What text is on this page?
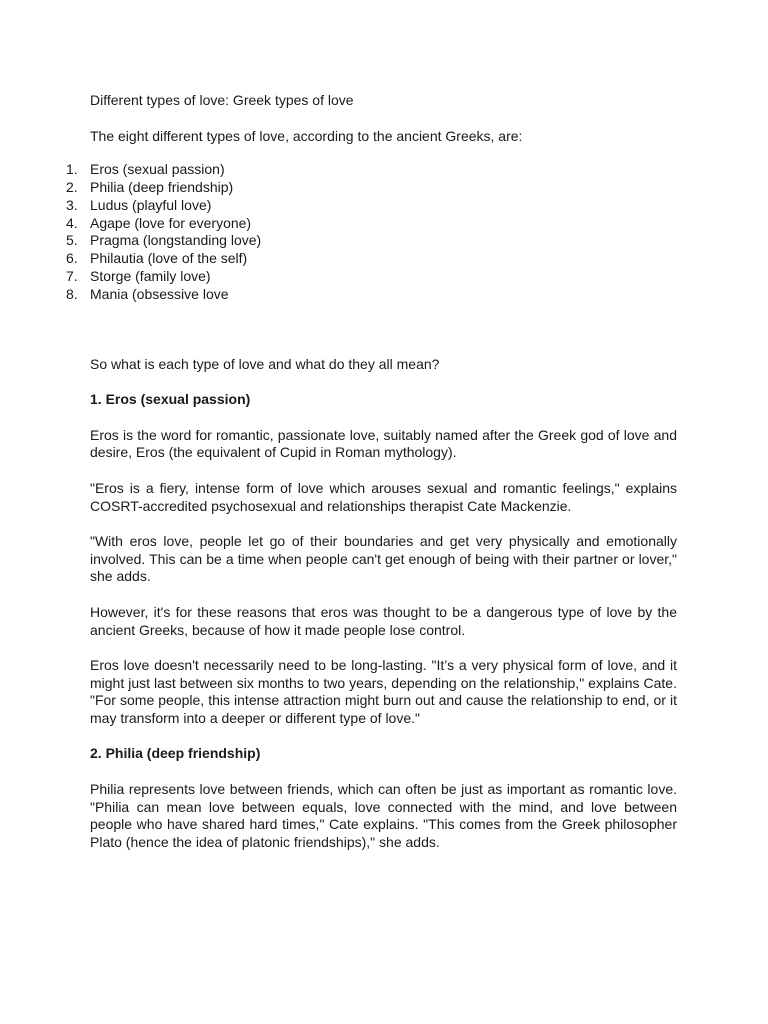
Different types of love: Greek types of love

The eight different types of love, according to the ancient Greeks, are:

1. Eros (sexual passion)
2. Philia (deep friendship)
3. Ludus (playful love)
4. Agape (love for everyone)
5. Pragma (longstanding love)
6. Philautia (love of the self)
7. Storge (family love)
8. Mania (obsessive love

So what is each type of love and what do they all mean?

1. Eros (sexual passion)

Eros is the word for romantic, passionate love, suitably named after the Greek god of love and desire, Eros (the equivalent of Cupid in Roman mythology).

"Eros is a fiery, intense form of love which arouses sexual and romantic feelings," explains COSRT-accredited psychosexual and relationships therapist Cate Mackenzie.

"With eros love, people let go of their boundaries and get very physically and emotionally involved. This can be a time when people can't get enough of being with their partner or lover," she adds.

However, it's for these reasons that eros was thought to be a dangerous type of love by the ancient Greeks, because of how it made people lose control.

Eros love doesn't necessarily need to be long-lasting. "It’s a very physical form of love, and it might just last between six months to two years, depending on the relationship," explains Cate. "For some people, this intense attraction might burn out and cause the relationship to end, or it may transform into a deeper or different type of love."

2. Philia (deep friendship)

Philia represents love between friends, which can often be just as important as romantic love. "Philia can mean love between equals, love connected with the mind, and love between people who have shared hard times," Cate explains. "This comes from the Greek philosopher Plato (hence the idea of platonic friendships)," she adds.
